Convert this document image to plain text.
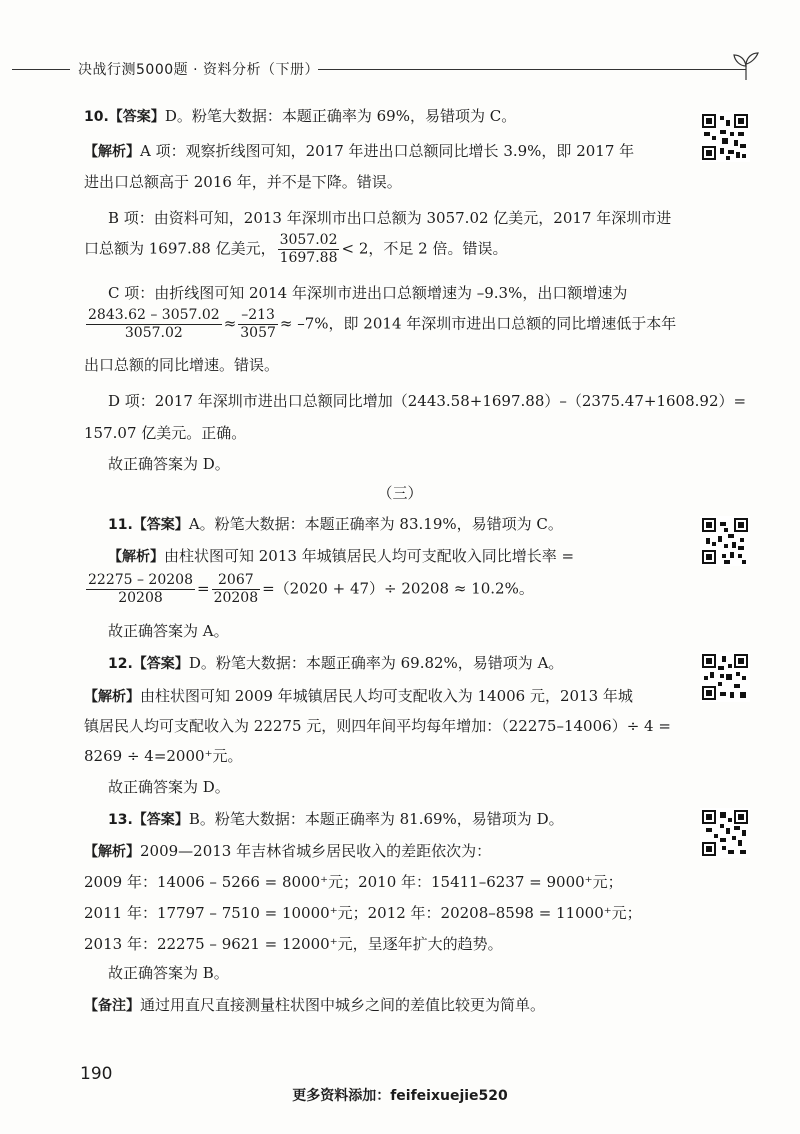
决战行测5000题 · 资料分析（下册）
10.【答案】D。粉笔大数据：本题正确率为 69%，易错项为 C。
【解析】A 项：观察折线图可知，2017 年进出口总额同比增长 3.9%，即 2017 年
进出口总额高于 2016 年，并不是下降。错误。
B 项：由资料可知，2013 年深圳市出口总额为 3057.02 亿美元，2017 年深圳市进
口总额为 1697.88 亿美元， $\frac{3057.02}{1697.88} < 2$，不足 2 倍。错误。
C 项：由折线图可知 2014 年深圳市进出口总额增速为 –9.3%，出口额增速为
$\frac{2843.62 - 3057.02}{3057.02} \approx \frac{-213}{3057} \approx -7\%$，即 2014 年深圳市进出口总额的同比增速低于本年
出口总额的同比增速。错误。
D 项：2017 年深圳市进出口总额同比增加（2443.58+1697.88）–（2375.47+1608.92）=
157.07 亿美元。正确。
故正确答案为 D。
（三）
11.【答案】A。粉笔大数据：本题正确率为 83.19%，易错项为 C。
【解析】由柱状图可知 2013 年城镇居民人均可支配收入同比增长率 =
$\frac{22275 - 20208}{20208} = \frac{2067}{20208} =(2020 + 47)\div 20208 \approx 10.2\%$。
故正确答案为 A。
12.【答案】D。粉笔大数据：本题正确率为 69.82%，易错项为 A。
【解析】由柱状图可知 2009 年城镇居民人均可支配收入为 14006 元，2013 年城
镇居民人均可支配收入为 22275 元，则四年间平均每年增加：（22275–14006）÷ 4 =
8269 ÷ 4=2000⁺元。
故正确答案为 D。
13.【答案】B。粉笔大数据：本题正确率为 81.69%，易错项为 D。
【解析】2009—2013 年吉林省城乡居民收入的差距依次为：
2009 年：14006 – 5266 = 8000⁺元；2010 年：15411–6237 = 9000⁺元；
2011 年：17797 – 7510 = 10000⁺元；2012 年：20208–8598 = 11000⁺元；
2013 年：22275 – 9621 = 12000⁺元，呈逐年扩大的趋势。
故正确答案为 B。
【备注】通过用直尺直接测量柱状图中城乡之间的差值比较更为简单。
190
更多资料添加：feifeixuejie520
